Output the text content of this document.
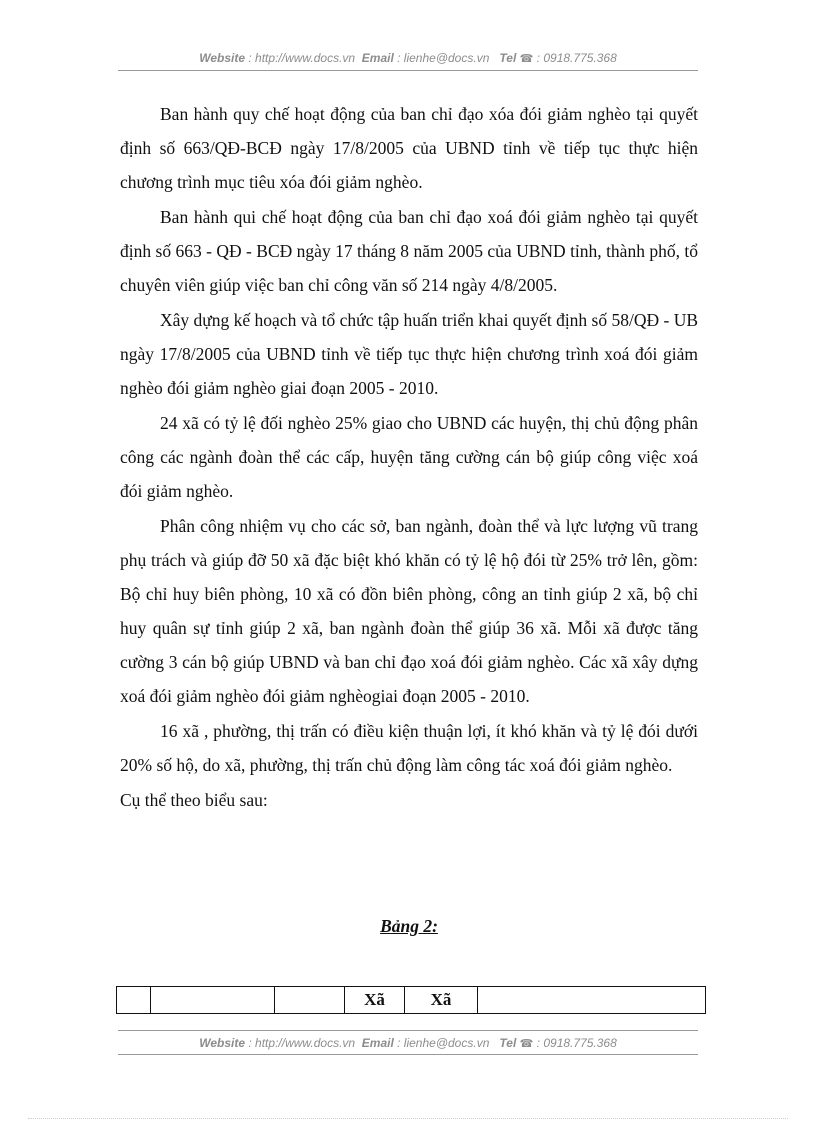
Website : http://www.docs.vn Email : lienhe@docs.vn Tel ☎ : 0918.775.368

Ban hành quy chế hoạt động của ban chỉ đạo xóa đói giảm nghèo tại quyết định số 663/QĐ-BCĐ ngày 17/8/2005 của UBND tỉnh về tiếp tục thực hiện chương trình mục tiêu xóa đói giảm nghèo.

Ban hành qui chế hoạt động của ban chỉ đạo xoá đói giảm nghèo tại quyết định số 663 - QĐ - BCĐ ngày 17 tháng 8 năm 2005 của UBND tỉnh, thành phố, tổ chuyên viên giúp việc ban chỉ công văn số 214 ngày 4/8/2005.

Xây dựng kế hoạch và tổ chức tập huấn triển khai quyết định số 58/QĐ - UB ngày 17/8/2005 của UBND tỉnh về tiếp tục thực hiện chương trình xoá đói giảm nghèo đói giảm nghèo giai đoạn 2005 - 2010.

24 xã có tỷ lệ đối nghèo 25% giao cho UBND các huyện, thị chủ động phân công các ngành đoàn thể các cấp, huyện tăng cường cán bộ giúp công việc xoá đói giảm nghèo.

Phân công nhiệm vụ cho các sở, ban ngành, đoàn thể và lực lượng vũ trang phụ trách và giúp đỡ 50 xã đặc biệt khó khăn có tỷ lệ hộ đói từ 25% trở lên, gồm: Bộ chỉ huy biên phòng, 10 xã có đồn biên phòng, công an tỉnh giúp 2 xã, bộ chỉ huy quân sự tỉnh giúp 2 xã, ban ngành đoàn thể giúp 36 xã. Mỗi xã được tăng cường 3 cán bộ giúp UBND và ban chỉ đạo xoá đói giảm nghèo. Các xã xây dựng xoá đói giảm nghèo đói giảm nghèogiai đoạn 2005 - 2010.

16 xã , phường, thị trấn có điều kiện thuận lợi, ít khó khăn và tỷ lệ đói dưới 20% số hộ, do xã, phường, thị trấn chủ động làm công tác xoá đói giảm nghèo.

Cụ thể theo biểu sau:

Bảng 2:
			Xã	Xã	
Website : http://www.docs.vn Email : lienhe@docs.vn Tel ☎ : 0918.775.368
